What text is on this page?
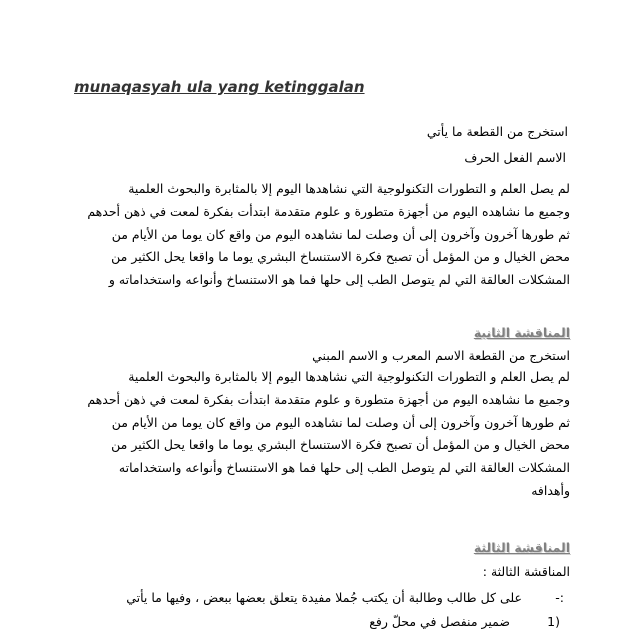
munaqasyah ula yang ketinggalan
استخرج من القطعة ما يأتي
الاسم الفعل الحرف
لم يصل العلم و التطورات التكنولوجية التي نشاهدها اليوم إلا بالمثابرة والبحوث العلمية
وجميع ما نشاهده اليوم من أجهزة متطورة و علوم متقدمة ابتدأت بفكرة لمعت في ذهن أحدهم
ثم طورها آخرون وآخرون إلى أن وصلت لما نشاهده اليوم من واقع كان يوما من الأيام من
محض الخيال و من المؤمل أن تصبح فكرة الاستنساخ البشري يوما ما واقعا يحل الكثير من
المشكلات العالقة التي لم يتوصل الطب إلى حلها فما هو الاستنساخ وأنواعه واستخداماته و
المناقشة الثانية
استخرج من القطعة الاسم المعرب و الاسم المبني
لم يصل العلم و التطورات التكنولوجية التي نشاهدها اليوم إلا بالمثابرة والبحوث العلمية
وجميع ما نشاهده اليوم من أجهزة متطورة و علوم متقدمة ابتدأت بفكرة لمعت في ذهن أحدهم
ثم طورها آخرون وآخرون إلى أن وصلت لما نشاهده اليوم من واقع كان يوما من الأيام من
محض الخيال و من المؤمل أن تصبح فكرة الاستنساخ البشري يوما ما واقعا يحل الكثير من
المشكلات العالقة التي لم يتوصل الطب إلى حلها فما هو الاستنساخ وأنواعه واستخداماته
وأهدافه
المناقشة الثالثة
المناقشة الثالثة :
:-
على كل طالب وطالبة أن يكتب جُملا مفيدة يتعلق بعضها ببعض ، وفيها ما يأتي
(1
ضمير منفصل في محلّ رفع
